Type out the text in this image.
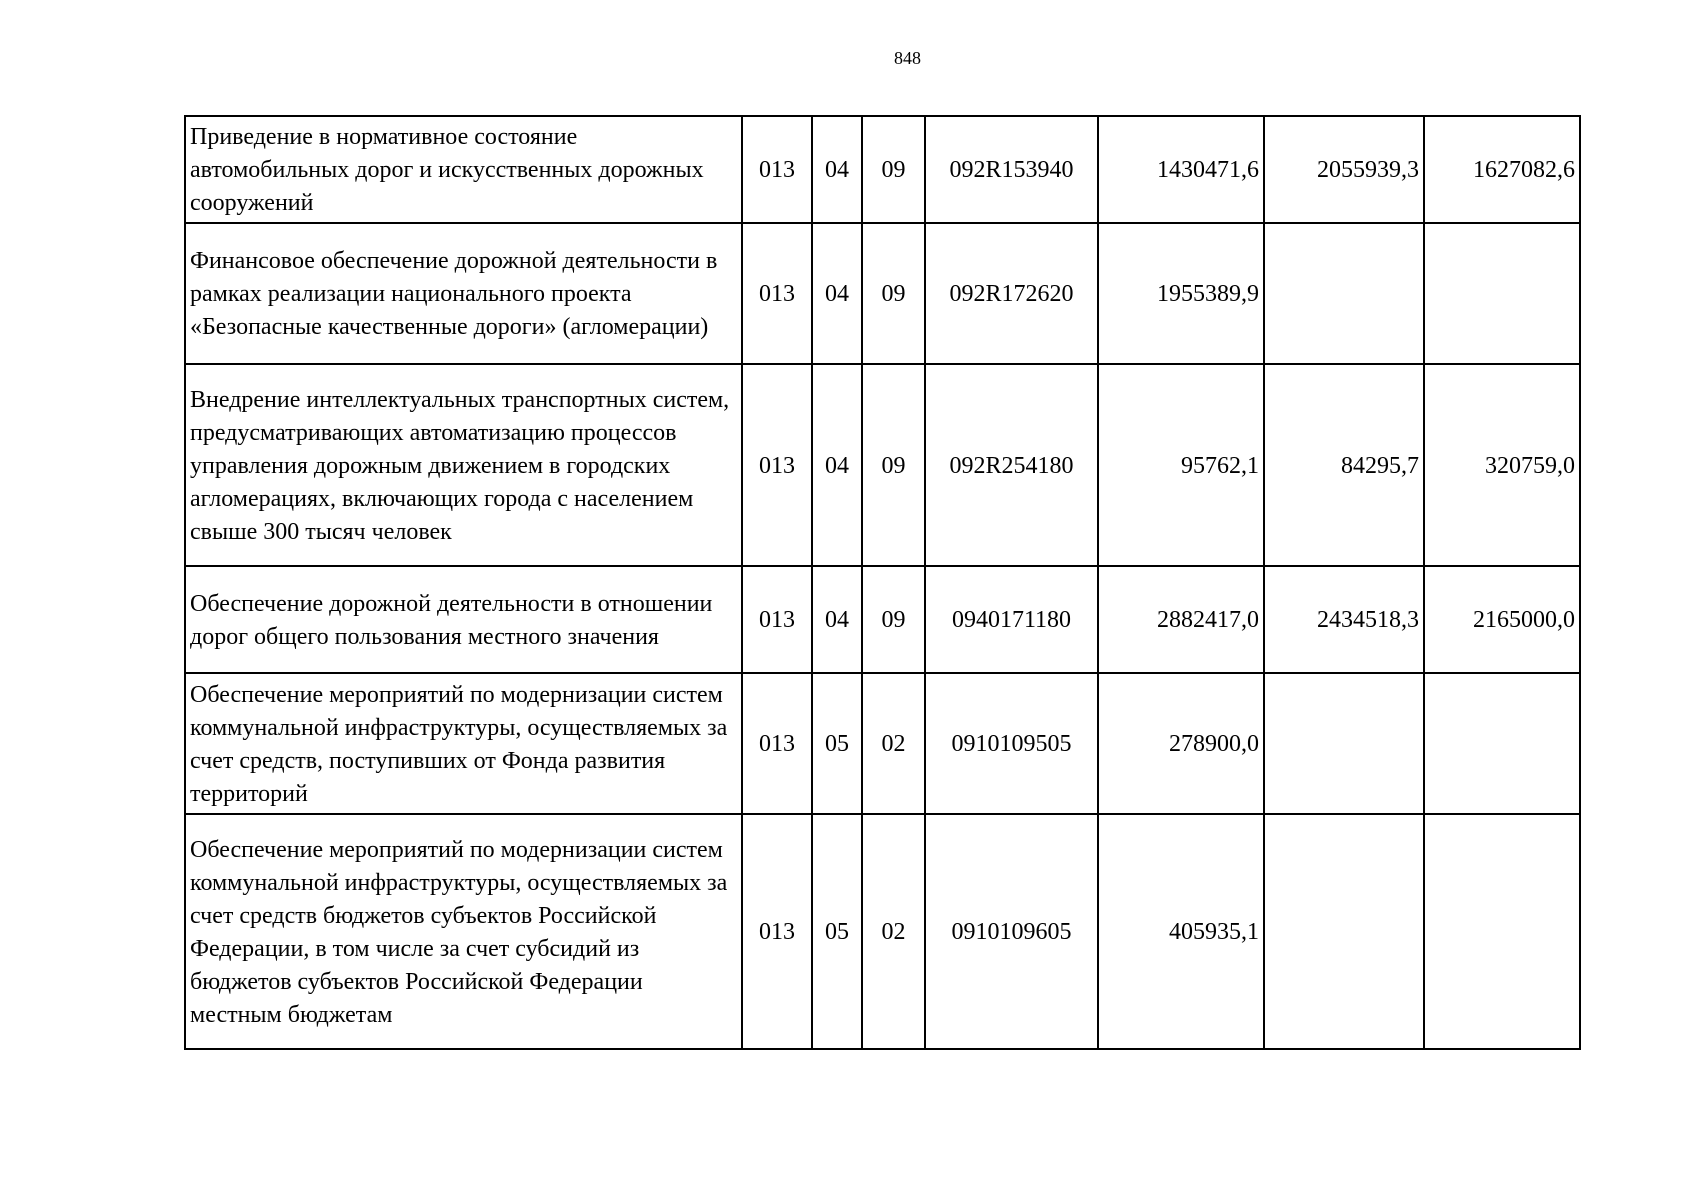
848
Приведение в нормативное состояние автомобильных дорог и искусственных дорожных сооружений	013	04	09	092R153940	1430471,6	2055939,3	1627082,6
Финансовое обеспечение дорожной деятельности в рамках реализации национального проекта «Безопасные качественные дороги» (агломерации)	013	04	09	092R172620	1955389,9		
Внедрение интеллектуальных транспортных систем, предусматривающих автоматизацию процессов управления дорожным движением в городских агломерациях, включающих города с населением свыше 300 тысяч человек	013	04	09	092R254180	95762,1	84295,7	320759,0
Обеспечение дорожной деятельности в отношении дорог общего пользования местного значения	013	04	09	0940171180	2882417,0	2434518,3	2165000,0
Обеспечение мероприятий по модернизации систем коммунальной инфраструктуры, осуществляемых за счет средств, поступивших от Фонда развития территорий	013	05	02	0910109505	278900,0		
Обеспечение мероприятий по модернизации систем коммунальной инфраструктуры, осуществляемых за счет средств бюджетов субъектов Российской Федерации, в том числе за счет субсидий из бюджетов субъектов Российской Федерации местным бюджетам	013	05	02	0910109605	405935,1		
